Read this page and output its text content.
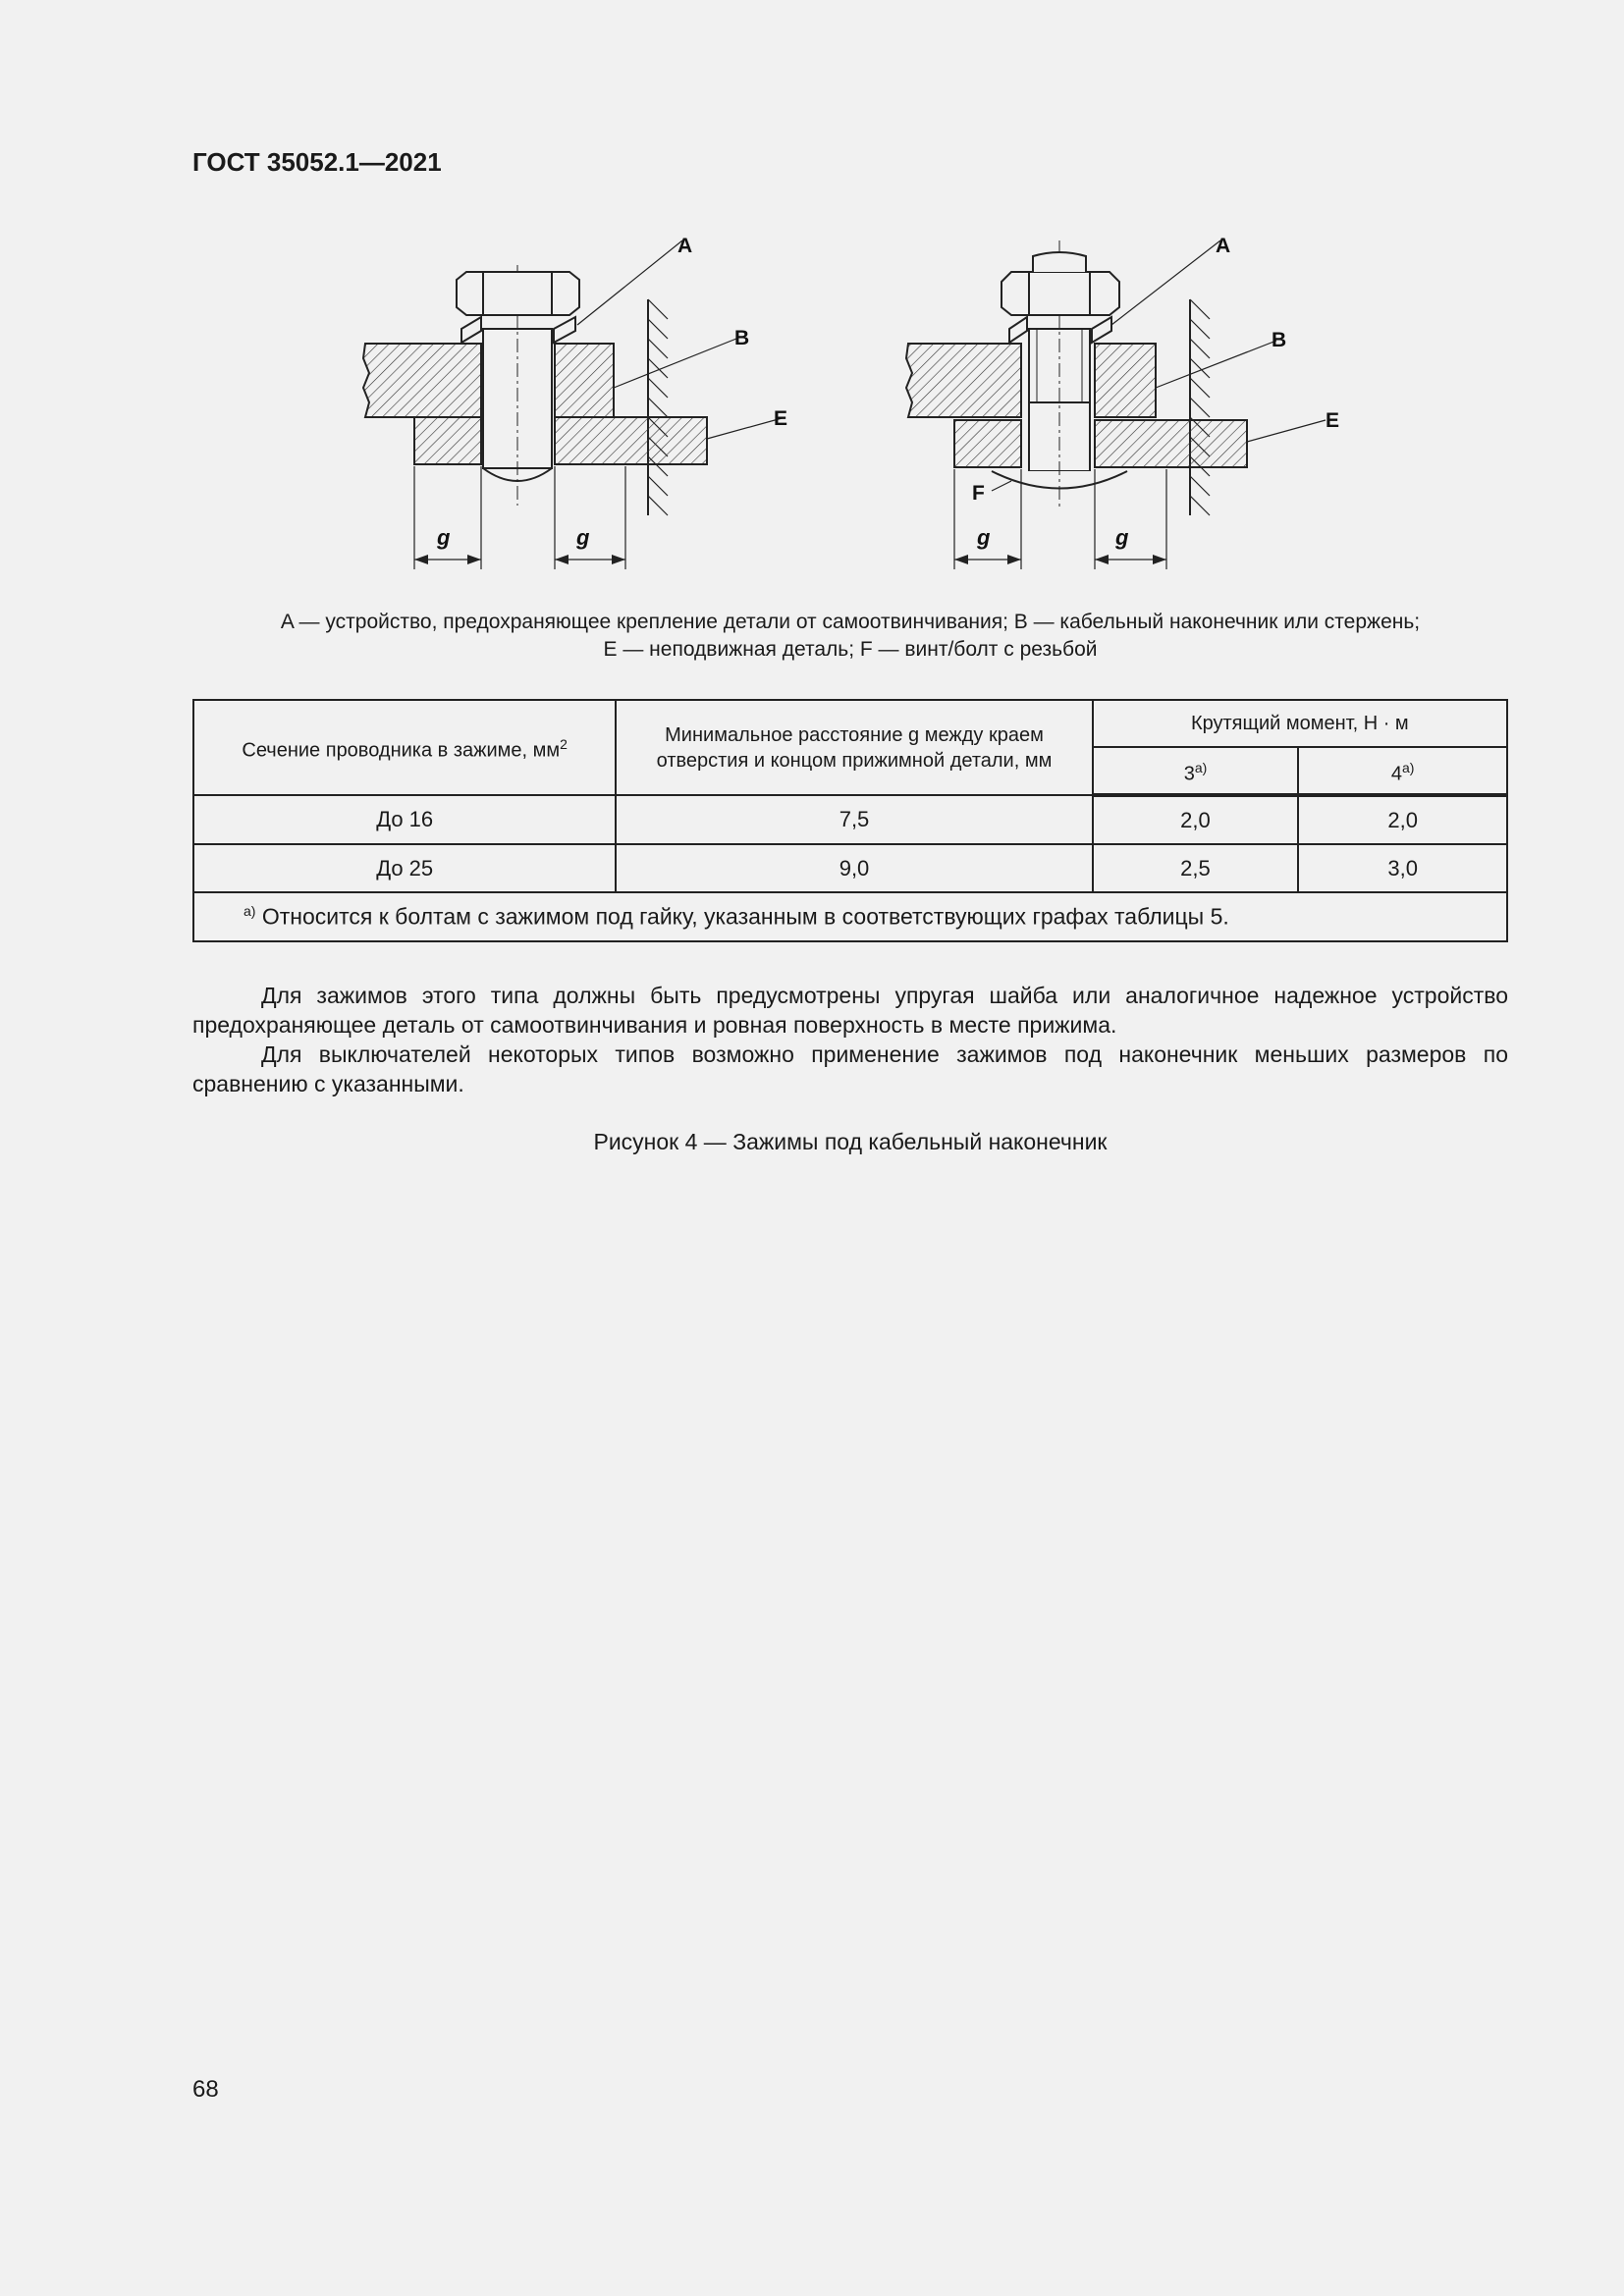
ГОСТ 35052.1—2021
A
B
E
g	g
A
B
E
F
g	g
A — устройство, предохраняющее крепление детали от самоотвинчивания; B — кабельный наконечник или стержень;
E — неподвижная деталь; F — винт/болт с резьбой
Сечение проводника в зажиме, $мм^2$	Минимальное расстояние g между краем отверстия и концом прижимной детали, мм	Крутящий момент, Н · м	
		3$^{a)}$	4$^{a)}$
До 16	7,5	2,0	2,0
До 25	9,0	2,5	3,0
$^{a)}$ Относится к болтам с зажимом под гайку, указанным в соответствующих графах таблицы 5.			
Для зажимов этого типа должны быть предусмотрены упругая шайба или аналогичное надежное устройство предохраняющее деталь от самоотвинчивания и ровная поверхность в месте прижима.
Для выключателей некоторых типов возможно применение зажимов под наконечник меньших размеров по сравнению с указанными.
Рисунок 4 — Зажимы под кабельный наконечник
68
